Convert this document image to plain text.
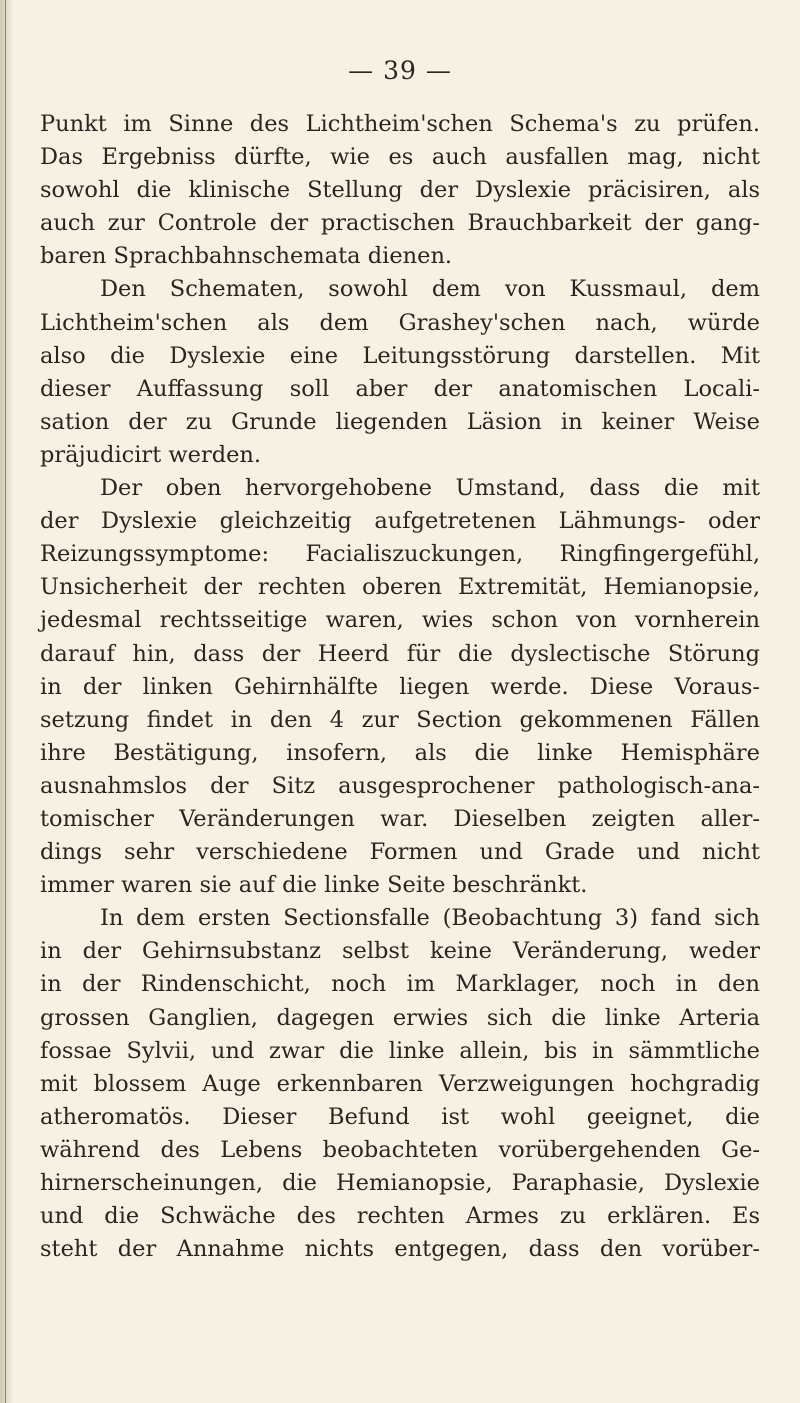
— 39 —
Punkt im Sinne des Lichtheim'schen Schema's zu prüfen.
Das Ergebniss dürfte, wie es auch ausfallen mag, nicht
sowohl die klinische Stellung der Dyslexie präcisiren, als
auch zur Controle der practischen Brauchbarkeit der gang-
baren Sprachbahnschemata dienen.
Den Schematen, sowohl dem von Kussmaul, dem
Lichtheim'schen als dem Grashey'schen nach, würde
also die Dyslexie eine Leitungsstörung darstellen. Mit
dieser Auffassung soll aber der anatomischen Locali-
sation der zu Grunde liegenden Läsion in keiner Weise
präjudicirt werden.
Der oben hervorgehobene Umstand, dass die mit
der Dyslexie gleichzeitig aufgetretenen Lähmungs- oder
Reizungssymptome: Facialiszuckungen, Ringfingergefühl,
Unsicherheit der rechten oberen Extremität, Hemianopsie,
jedesmal rechtsseitige waren, wies schon von vornherein
darauf hin, dass der Heerd für die dyslectische Störung
in der linken Gehirnhälfte liegen werde. Diese Voraus-
setzung findet in den 4 zur Section gekommenen Fällen
ihre Bestätigung, insofern, als die linke Hemisphäre
ausnahmslos der Sitz ausgesprochener pathologisch-ana-
tomischer Veränderungen war. Dieselben zeigten aller-
dings sehr verschiedene Formen und Grade und nicht
immer waren sie auf die linke Seite beschränkt.
In dem ersten Sectionsfalle (Beobachtung 3) fand sich
in der Gehirnsubstanz selbst keine Veränderung, weder
in der Rindenschicht, noch im Marklager, noch in den
grossen Ganglien, dagegen erwies sich die linke Arteria
fossae Sylvii, und zwar die linke allein, bis in sämmtliche
mit blossem Auge erkennbaren Verzweigungen hochgradig
atheromatös. Dieser Befund ist wohl geeignet, die
während des Lebens beobachteten vorübergehenden Ge-
hirnerscheinungen, die Hemianopsie, Paraphasie, Dyslexie
und die Schwäche des rechten Armes zu erklären. Es
steht der Annahme nichts entgegen, dass den vorüber-
